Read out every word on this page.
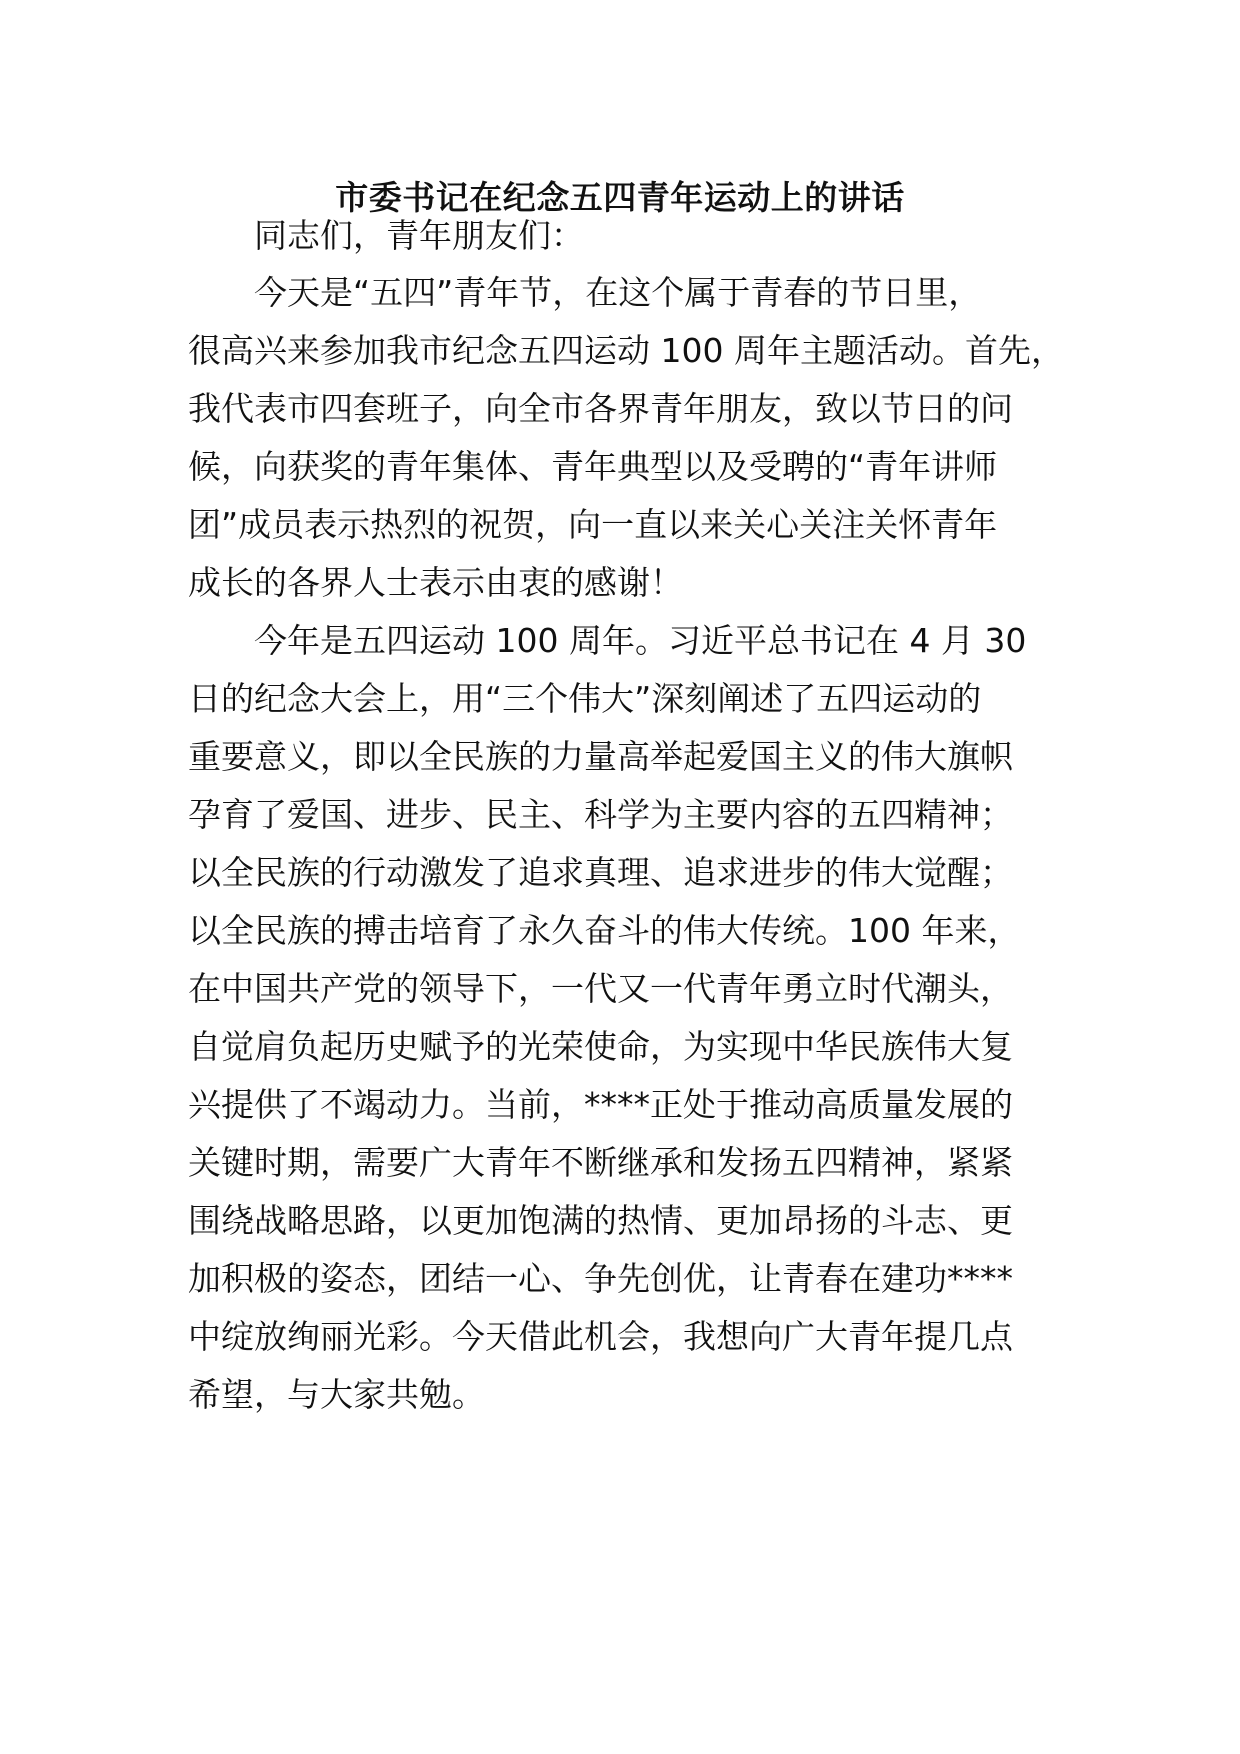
市委书记在纪念五四青年运动上的讲话

同志们，青年朋友们：

今天是“五四”青年节，在这个属于青春的节日里，

很高兴来参加我市纪念五四运动 100 周年主题活动。首先，

我代表市四套班子，向全市各界青年朋友，致以节日的问

候，向获奖的青年集体、青年典型以及受聘的“青年讲师

团”成员表示热烈的祝贺，向一直以来关心关注关怀青年

成长的各界人士表示由衷的感谢！

今年是五四运动 100 周年。习近平总书记在 4 月 30

日的纪念大会上，用“三个伟大”深刻阐述了五四运动的

重要意义，即以全民族的力量高举起爱国主义的伟大旗帜

孕育了爱国、进步、民主、科学为主要内容的五四精神；

以全民族的行动激发了追求真理、追求进步的伟大觉醒；

以全民族的搏击培育了永久奋斗的伟大传统。100 年来，

在中国共产党的领导下，一代又一代青年勇立时代潮头，

自觉肩负起历史赋予的光荣使命，为实现中华民族伟大复

兴提供了不竭动力。当前，****正处于推动高质量发展的

关键时期，需要广大青年不断继承和发扬五四精神，紧紧

围绕战略思路，以更加饱满的热情、更加昂扬的斗志、更

加积极的姿态，团结一心、争先创优，让青春在建功****

中绽放绚丽光彩。今天借此机会，我想向广大青年提几点

希望，与大家共勉。
